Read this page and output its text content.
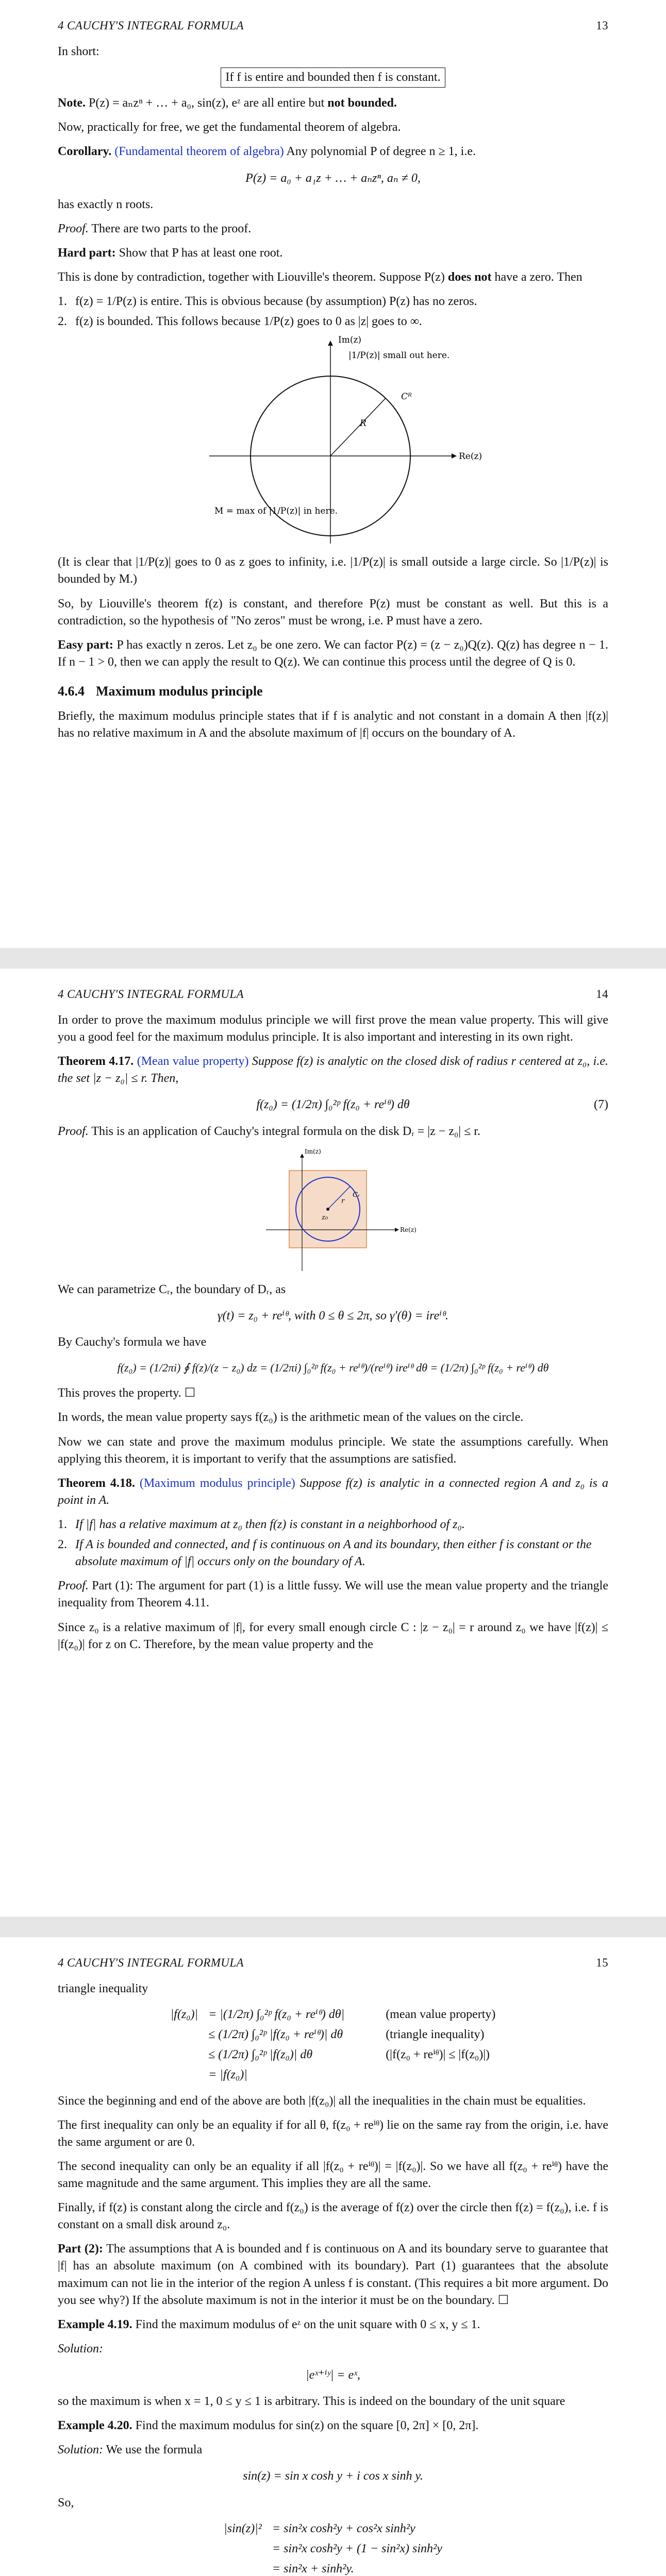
4 CAUCHY'S INTEGRAL FORMULA	13

In short:

If f is entire and bounded then f is constant.

Note. P(z) = aₙzⁿ + … + a₀, sin(z), eᶻ are all entire but not bounded.

Now, practically for free, we get the fundamental theorem of algebra.

Corollary. (Fundamental theorem of algebra) Any polynomial P of degree n ≥ 1, i.e.

P(z) = a₀ + a₁z + … + aₙzⁿ, aₙ ≠ 0,

has exactly n roots.

Proof. There are two parts to the proof.

Hard part: Show that P has at least one root.

This is done by contradiction, together with Liouville's theorem. Suppose P(z) does not have a zero. Then

1. f(z) = 1/P(z) is entire. This is obvious because (by assumption) P(z) has no zeros.
2. f(z) is bounded. This follows because 1/P(z) goes to 0 as |z| goes to ∞.
Im(z)
Re(z)
|1/P(z)| small out here.
Cᴿ
R
M = max of |1/P(z)| in here.

(It is clear that |1/P(z)| goes to 0 as z goes to infinity, i.e. |1/P(z)| is small outside a large circle. So |1/P(z)| is bounded by M.)

So, by Liouville's theorem f(z) is constant, and therefore P(z) must be constant as well. But this is a contradiction, so the hypothesis of "No zeros" must be wrong, i.e. P must have a zero.

Easy part: P has exactly n zeros. Let z₀ be one zero. We can factor P(z) = (z − z₀)Q(z). Q(z) has degree n − 1. If n − 1 > 0, then we can apply the result to Q(z). We can continue this process until the degree of Q is 0.

4.6.4 Maximum modulus principle

Briefly, the maximum modulus principle states that if f is analytic and not constant in a domain A then |f(z)| has no relative maximum in A and the absolute maximum of |f| occurs on the boundary of A.

4 CAUCHY'S INTEGRAL FORMULA	14

In order to prove the maximum modulus principle we will first prove the mean value property. This will give you a good feel for the maximum modulus principle. It is also important and interesting in its own right.

Theorem 4.17. (Mean value property) Suppose f(z) is analytic on the closed disk of radius r centered at z₀, i.e. the set |z − z₀| ≤ r. Then,

f(z₀) = (1/2π) ∫₀²ᵖ f(z₀ + reⁱᶿ) dθ	(7)

Proof. This is an application of Cauchy's integral formula on the disk Dᵣ = |z − z₀| ≤ r.

Im(z)
Re(z)
Cᵣ
r
z₀

We can parametrize Cᵣ, the boundary of Dᵣ, as

γ(t) = z₀ + reⁱᶿ, with 0 ≤ θ ≤ 2π, so γ′(θ) = ireⁱᶿ.

By Cauchy's formula we have

f(z₀) = (1/2πi) ∮ f(z)/(z − z₀) dz = (1/2πi) ∫₀²ᵖ f(z₀ + reⁱᶿ)/(reⁱᶿ) ireⁱᶿ dθ = (1/2π) ∫₀²ᵖ f(z₀ + reⁱᶿ) dθ

This proves the property. ☐

In words, the mean value property says f(z₀) is the arithmetic mean of the values on the circle.

Now we can state and prove the maximum modulus principle. We state the assumptions carefully. When applying this theorem, it is important to verify that the assumptions are satisfied.

Theorem 4.18. (Maximum modulus principle) Suppose f(z) is analytic in a connected region A and z₀ is a point in A.

1. If |f| has a relative maximum at z₀ then f(z) is constant in a neighborhood of z₀.
2. If A is bounded and connected, and f is continuous on A and its boundary, then either f is constant or the absolute maximum of |f| occurs only on the boundary of A.

Proof. Part (1): The argument for part (1) is a little fussy. We will use the mean value property and the triangle inequality from Theorem 4.11.

Since z₀ is a relative maximum of |f|, for every small enough circle C : |z − z₀| = r around z₀ we have |f(z)| ≤ |f(z₀)| for z on C. Therefore, by the mean value property and the

4 CAUCHY'S INTEGRAL FORMULA	15

triangle inequality

|f(z₀)|	= |(1/2π) ∫₀²ᵖ f(z₀ + reⁱᶿ) dθ|	(mean value property)
	≤ (1/2π) ∫₀²ᵖ |f(z₀ + reⁱᶿ)| dθ	(triangle inequality)
	≤ (1/2π) ∫₀²ᵖ |f(z₀)| dθ	(|f(z₀ + reⁱᶿ)| ≤ |f(z₀)|)
	= |f(z₀)|	

Since the beginning and end of the above are both |f(z₀)| all the inequalities in the chain must be equalities.

The first inequality can only be an equality if for all θ, f(z₀ + reⁱᶿ) lie on the same ray from the origin, i.e. have the same argument or are 0.

The second inequality can only be an equality if all |f(z₀ + reⁱᶿ)| = |f(z₀)|. So we have all f(z₀ + reⁱᶿ) have the same magnitude and the same argument. This implies they are all the same.

Finally, if f(z) is constant along the circle and f(z₀) is the average of f(z) over the circle then f(z) = f(z₀), i.e. f is constant on a small disk around z₀.

Part (2): The assumptions that A is bounded and f is continuous on A and its boundary serve to guarantee that |f| has an absolute maximum (on A combined with its boundary). Part (1) guarantees that the absolute maximum can not lie in the interior of the region A unless f is constant. (This requires a bit more argument. Do you see why?) If the absolute maximum is not in the interior it must be on the boundary. ☐

Example 4.19. Find the maximum modulus of eᶻ on the unit square with 0 ≤ x, y ≤ 1.

Solution:

|eˣ⁺ⁱʸ| = eˣ,

so the maximum is when x = 1, 0 ≤ y ≤ 1 is arbitrary. This is indeed on the boundary of the unit square

Example 4.20. Find the maximum modulus for sin(z) on the square [0, 2π] × [0, 2π].

Solution: We use the formula

sin(z) = sin x cosh y + i cos x sinh y.

So,

|sin(z)|²	= sin²x cosh²y + cos²x sinh²y
	= sin²x cosh²y + (1 − sin²x) sinh²y
	= sin²x + sinh²y.
